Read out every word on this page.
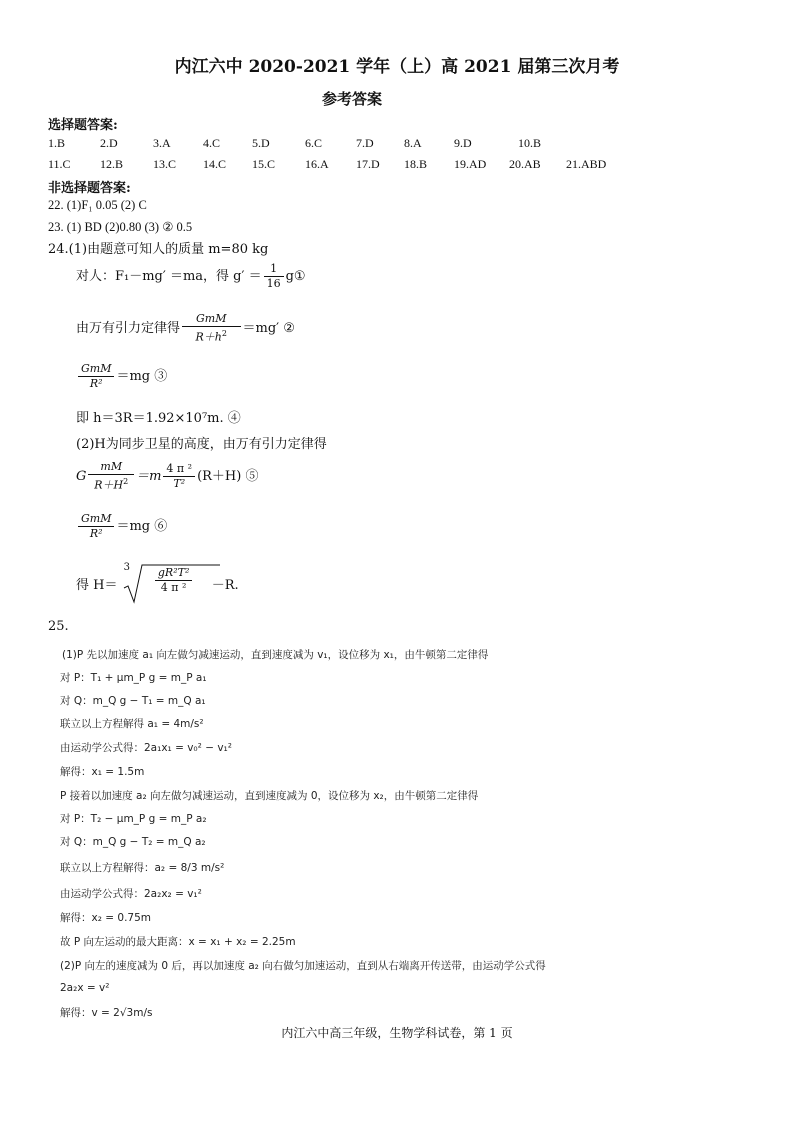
内江六中 2020-2021 学年（上）高 2021 届第三次月考
参考答案
选择题答案:
1.B	2.D	3.A	4.C	5.D	6.C	7.D	8.A	9.D	10.B
11.C 12.B 13.C 14.C 15.C 16.A 17.D 18.B 19.AD 20.AB 21.ABD
非选择题答案:
22. (1)F₁ 0.05 (2) C
23. (1) BD (2)0.80 (3) ② 0.5
24.(1)由题意可知人的质量 m=80 kg
对人：F₁－mg′ ＝ma，得 $g' = \frac{1}{16}$ g①
由万有引力定律得 $\frac{\text{GmM}}{R+h^2} =mg'$ ②
$\frac{\text{GmM}}{\text{R²}} =mg$ ③
即 h＝3R＝1.92×10⁷m. ④
(2)H为同步卫星的高度，由万有引力定律得
G $\frac{mM}{R+H^2} =m \frac{\text{4 π ²}}{\text{T²}} (R+H)$ ⑤
$\frac{\text{GmM}}{\text{R²}} =mg$ ⑥
得 H＝
$3 \frac{\text{gR²T²}}{\text{4 π ²}} -R$.
25.
(1)P 先以加速度 a₁ 向左做匀减速运动，直到速度减为 v₁，设位移为 x₁，由牛顿第二定律得
对 P：T₁ + μm_P g = m_P a₁
对 Q：m_Q g − T₁ = m_Q a₁
联立以上方程解得 a₁ = 4m/s²
由运动学公式得：2a₁x₁ = v₀² − v₁²
解得：x₁ = 1.5m
P 接着以加速度 a₂ 向左做匀减速运动，直到速度减为 0，设位移为 x₂，由牛顿第二定律得
对 P：T₂ − μm_P g = m_P a₂
对 Q：m_Q g − T₂ = m_Q a₂
联立以上方程解得：a₂ = 8/3 m/s²
由运动学公式得：2a₂x₂ = v₁²
解得：x₂ = 0.75m
故 P 向左运动的最大距离：x = x₁ + x₂ = 2.25m
(2)P 向左的速度减为 0 后，再以加速度 a₂ 向右做匀加速运动，直到从右端离开传送带，由运动学公式得
2a₂x = v²
解得：v = 2√3m/s
内江六中高三年级，生物学科试卷，第 1 页
